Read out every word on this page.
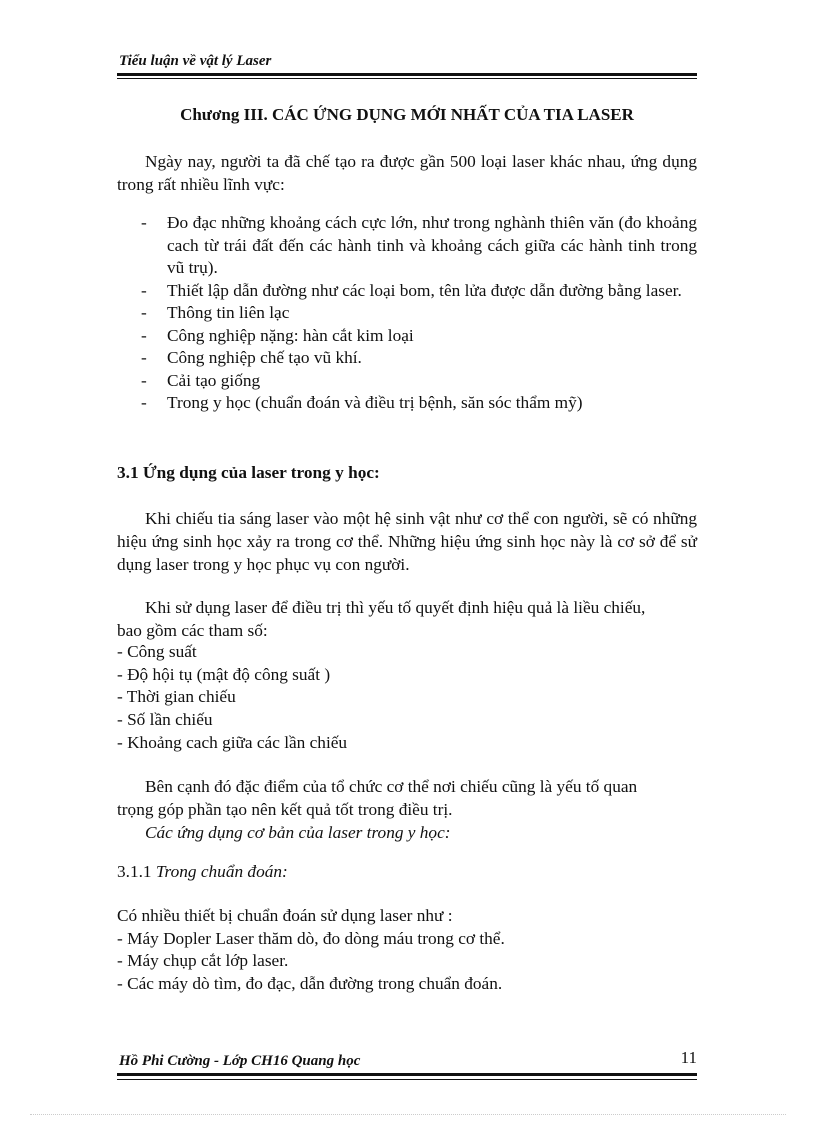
Tiểu luận về vật lý Laser
Chương III. CÁC ỨNG DỤNG MỚI NHẤT CỦA TIA LASER
Ngày nay, người ta đã chế tạo ra được gần 500 loại laser khác nhau, ứng dụng trong rất nhiều lĩnh vực:
- Đo đạc những khoảng cách cực lớn, như trong nghành thiên văn (đo khoảng cach từ trái đất đến các hành tinh và khoảng cách giữa các hành tinh trong vũ trụ).
- Thiết lập dẫn đường như các loại bom, tên lửa được dẫn đường bằng laser.
- Thông tin liên lạc
- Công nghiệp nặng: hàn cắt kim loại
- Công nghiệp chế tạo vũ khí.
- Cải tạo giống
- Trong y học (chuẩn đoán và điều trị bệnh, săn sóc thẩm mỹ)
3.1 Ứng dụng của laser trong y học:
Khi chiếu tia sáng laser vào một hệ sinh vật như cơ thể con người, sẽ có những hiệu ứng sinh học xảy ra trong cơ thể. Những hiệu ứng sinh học này là cơ sở để sử dụng laser trong y học phục vụ con người.
Khi sử dụng laser để điều trị thì yếu tố quyết định hiệu quả là liều chiếu,
bao gồm các tham số:
- Công suất
- Độ hội tụ (mật độ công suất )
- Thời gian chiếu
- Số lần chiếu
- Khoảng cach giữa các lần chiếu
Bên cạnh đó đặc điểm của tổ chức cơ thể nơi chiếu cũng là yếu tố quan
trọng góp phần tạo nên kết quả tốt trong điều trị.
Các ứng dụng cơ bản của laser trong y học:
3.1.1 Trong chuẩn đoán:
Có nhiều thiết bị chuẩn đoán sử dụng laser như :
- Máy Dopler Laser thăm dò, đo dòng máu trong cơ thể.
- Máy chụp cắt lớp laser.
- Các máy dò tìm, đo đạc, dẫn đường trong chuẩn đoán.
Hồ Phi Cường - Lớp CH16 Quang học	11
